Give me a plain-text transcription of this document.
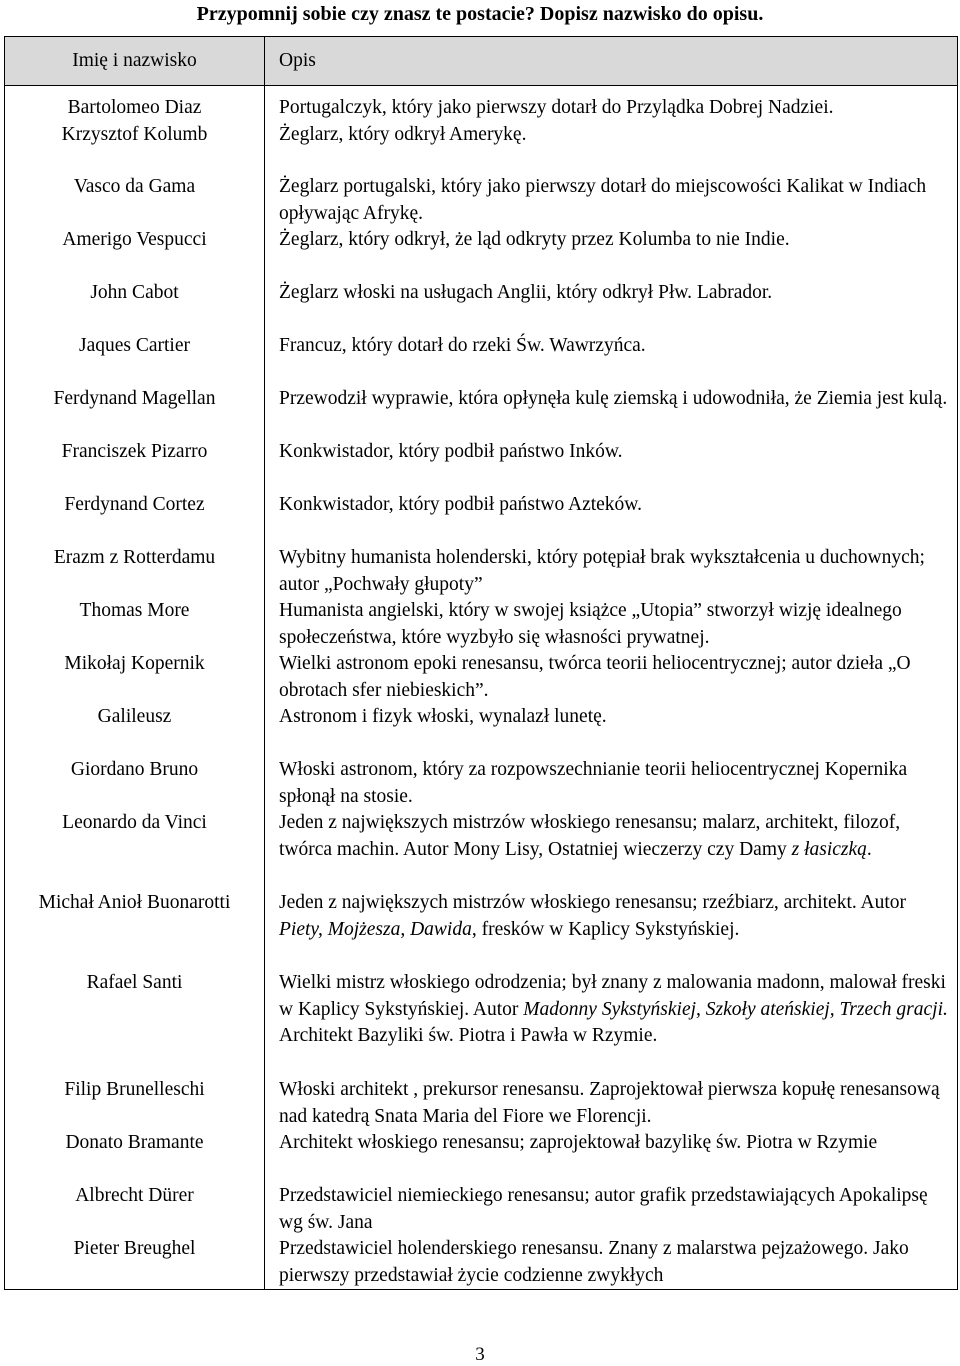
Przypomnij sobie czy znasz te postacie? Dopisz nazwisko do opisu.
Imię i nazwisko	Opis
Bartolomeo Diaz	Portugalczyk, który jako pierwszy dotarł do Przylądka Dobrej Nadziei.
Krzysztof Kolumb	Żeglarz, który odkrył Amerykę.
Vasco da Gama	Żeglarz portugalski, który jako pierwszy dotarł do miejscowości Kalikat w Indiach opływając Afrykę.
Amerigo Vespucci	Żeglarz, który odkrył, że ląd odkryty przez Kolumba to nie Indie.
John Cabot	Żeglarz włoski na usługach Anglii, który odkrył Płw. Labrador.
Jaques Cartier	Francuz, który dotarł do rzeki Św. Wawrzyńca.
Ferdynand Magellan	Przewodził wyprawie, która opłynęła kulę ziemską i udowodniła, że Ziemia jest kulą.
Franciszek Pizarro	Konkwistador, który podbił państwo Inków.
Ferdynand Cortez	Konkwistador, który podbił państwo Azteków.
Erazm z Rotterdamu	Wybitny humanista holenderski, który potępiał brak wykształcenia u duchownych; autor „Pochwały głupoty”
Thomas More	Humanista angielski, który w swojej książce „Utopia” stworzył wizję idealnego społeczeństwa, które wyzbyło się własności prywatnej.
Mikołaj Kopernik	Wielki astronom epoki renesansu, twórca teorii heliocentrycznej; autor dzieła „O obrotach sfer niebieskich”.
Galileusz	Astronom i fizyk włoski, wynalazł lunetę.
Giordano Bruno	Włoski astronom, który za rozpowszechnianie teorii heliocentrycznej Kopernika spłonął na stosie.
Leonardo da Vinci	Jeden z największych mistrzów włoskiego renesansu; malarz, architekt, filozof, twórca machin. Autor Mony Lisy, Ostatniej wieczerzy czy Damy z łasiczką.
Michał Anioł Buonarotti	Jeden z największych mistrzów włoskiego renesansu; rzeźbiarz, architekt. Autor Piety, Mojżesza, Dawida, fresków w Kaplicy Sykstyńskiej.
Rafael Santi	Wielki mistrz włoskiego odrodzenia; był znany z malowania madonn, malował freski w Kaplicy Sykstyńskiej. Autor Madonny Sykstyńskiej, Szkoły ateńskiej, Trzech gracji. Architekt Bazyliki św. Piotra i Pawła w Rzymie.
Filip Brunelleschi	Włoski architekt , prekursor renesansu. Zaprojektował pierwsza kopułę renesansową nad katedrą Snata Maria del Fiore we Florencji.
Donato Bramante	Architekt włoskiego renesansu; zaprojektował bazylikę św. Piotra w Rzymie
Albrecht Dürer	Przedstawiciel niemieckiego renesansu; autor grafik przedstawiających Apokalipsę wg św. Jana
Pieter Breughel	Przedstawiciel holenderskiego renesansu. Znany z malarstwa pejzażowego. Jako pierwszy przedstawiał życie codzienne zwykłych
3
